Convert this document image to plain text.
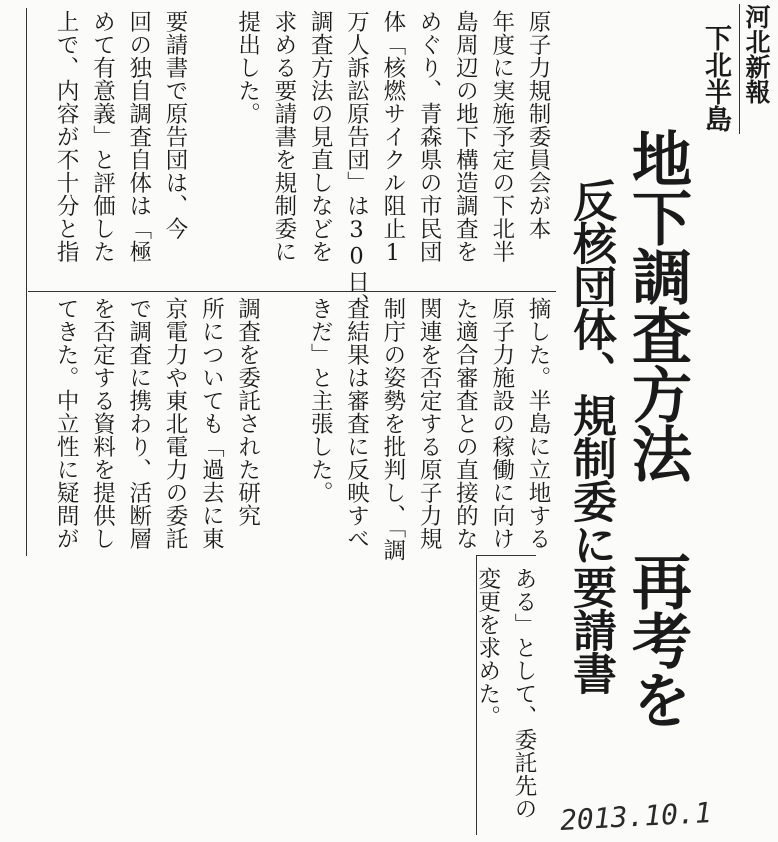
河北新報
下北半島
地下調査方法 再考を
反核団体、規制委に要請書
原子力規制委員会が本
年度に実施予定の下北半
島周辺の地下構造調査を
めぐり、青森県の市民団
体「核燃サイクル阻止1
万人訴訟原告団」は30日、
調査方法の見直しなどを
求める要請書を規制委に
提出した。

要請書で原告団は、今
回の独自調査自体は「極
めて有意義」と評価した
上で、内容が不十分と指
摘した。半島に立地する
原子力施設の稼働に向け
た適合審査との直接的な
関連を否定する原子力規
制庁の姿勢を批判し、「調
査結果は審査に反映すべ
きだ」と主張した。

調査を委託された研究
所についても「過去に東
京電力や東北電力の委託
で調査に携わり、活断層
を否定する資料を提供し
てきた。中立性に疑問が
ある」として、委託先の
変更を求めた。
2013.10.1
